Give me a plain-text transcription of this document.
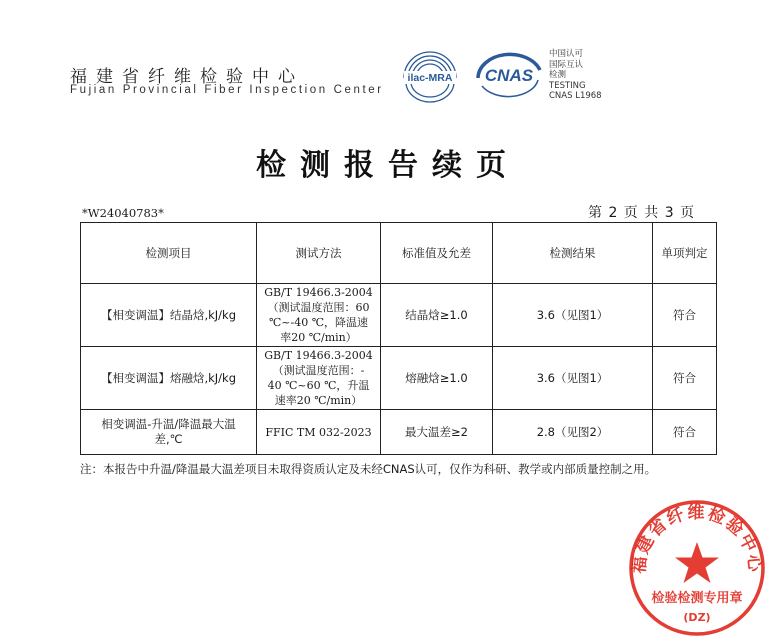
福建省纤维检验中心
Fujian Provincial Fiber Inspection Center
ilac-MRA CNAS
中国认可
国际互认
检测
TESTING
CNAS L1968
检测报告续页
*W24040783*	第 2 页 共 3 页
检测项目	测试方法	标准值及允差	检测结果	单项判定
【相变调温】结晶焓,kJ/kg	GB/T 19466.3-2004
（测试温度范围：60
℃~-40 ℃，降温速
率20 ℃/min）	结晶焓≥1.0	3.6（见图1）	符合
【相变调温】熔融焓,kJ/kg	GB/T 19466.3-2004
（测试温度范围：-
40 ℃~60 ℃，升温
速率20 ℃/min）	熔融焓≥1.0	3.6（见图1）	符合

相变调温-升温/降温最大温
差,℃	FFIC TM 032-2023	最大温差≥2	2.8（见图2）	符合
注：本报告中升温/降温最大温差项目未取得资质认定及未经CNAS认可，仅作为科研、教学或内部质量控制之用。
福建省纤维检验中心
检验检测专用章
(DZ)
